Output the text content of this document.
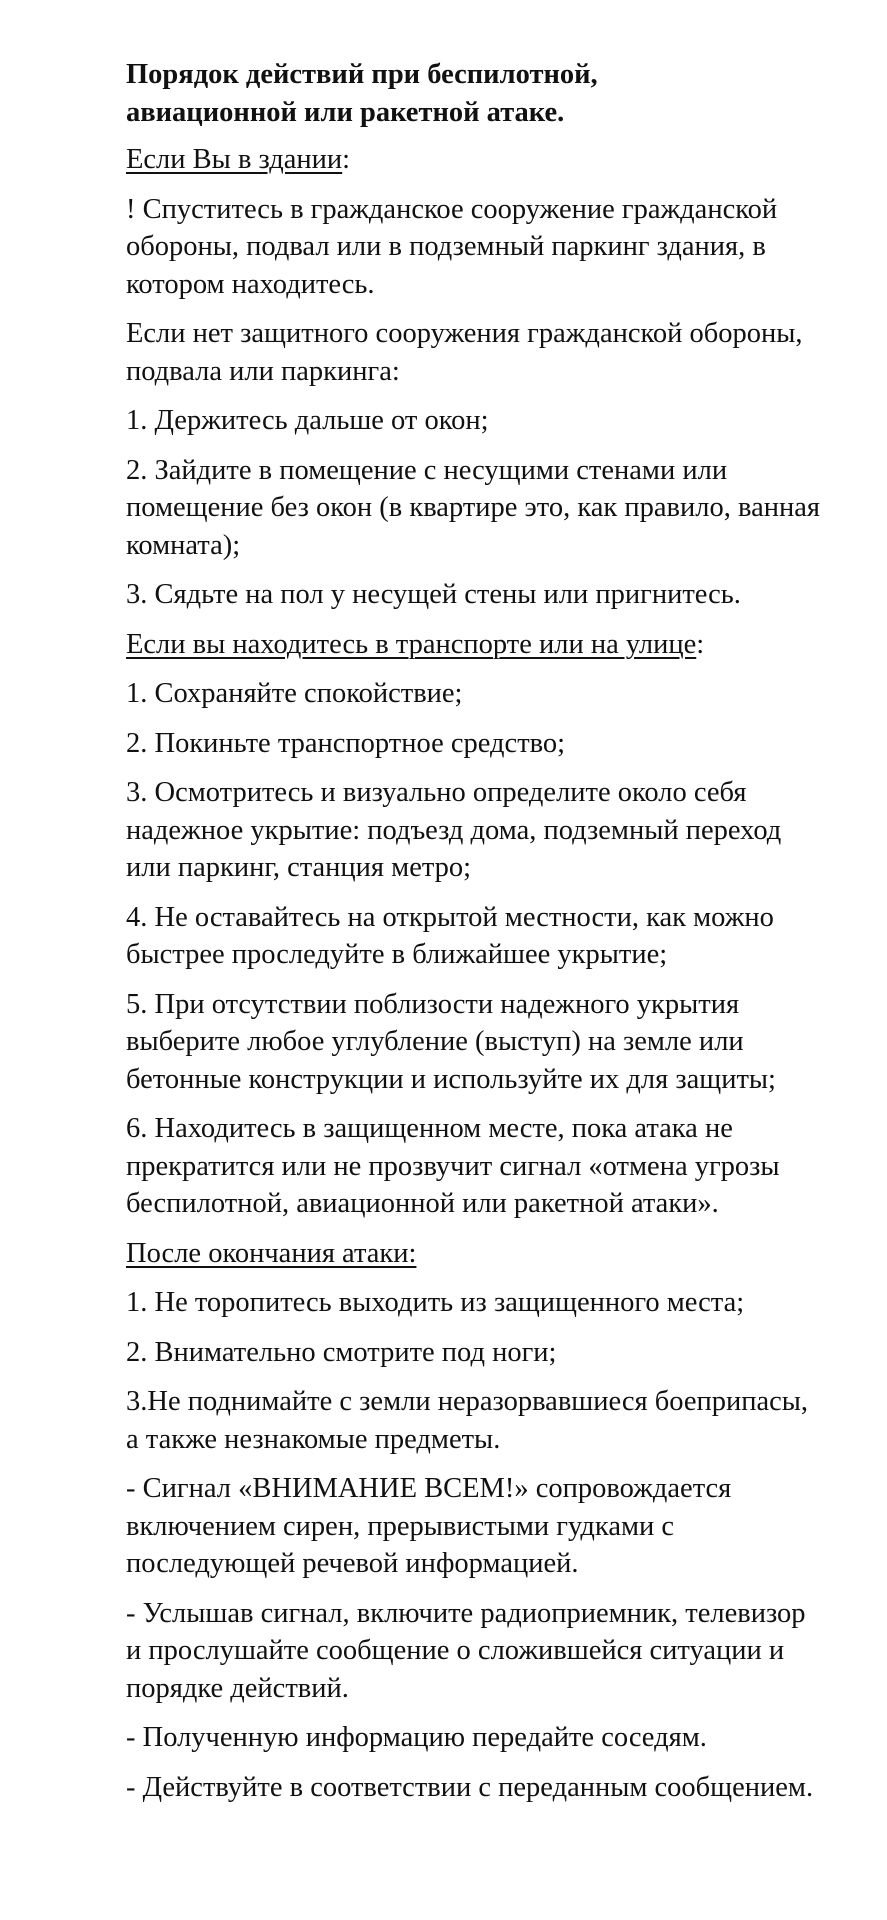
Порядок действий при беспилотной,
авиационной или ракетной атаке.

Если Вы в здании:

! Спуститесь в гражданское сооружение гражданской обороны, подвал или в подземный паркинг здания, в котором находитесь.

Если нет защитного сооружения гражданской обороны, подвала или паркинга:

1. Держитесь дальше от окон;

2. Зайдите в помещение с несущими стенами или помещение без окон (в квартире это, как правило, ванная комната);

3. Сядьте на пол у несущей стены или пригнитесь.

Если вы находитесь в транспорте или на улице:

1. Сохраняйте спокойствие;

2. Покиньте транспортное средство;

3. Осмотритесь и визуально определите около себя надежное укрытие: подъезд дома, подземный переход или паркинг, станция метро;

4. Не оставайтесь на открытой местности, как можно быстрее проследуйте в ближайшее укрытие;

5. При отсутствии поблизости надежного укрытия выберите любое углубление (выступ) на земле или бетонные конструкции и используйте их для защиты;

6. Находитесь в защищенном месте, пока атака не прекратится или не прозвучит сигнал «отмена угрозы беспилотной, авиационной или ракетной атаки».

После окончания атаки:

1. Не торопитесь выходить из защищенного места;

2. Внимательно смотрите под ноги;

3.Не поднимайте с земли неразорвавшиеся боеприпасы, а также незнакомые предметы.

- Сигнал «ВНИМАНИЕ ВСЕМ!» сопровождается включением сирен, прерывистыми гудками с последующей речевой информацией.

- Услышав сигнал, включите радиоприемник, телевизор и прослушайте сообщение о сложившейся ситуации и порядке действий.

- Полученную информацию передайте соседям.

- Действуйте в соответствии с переданным сообщением.
